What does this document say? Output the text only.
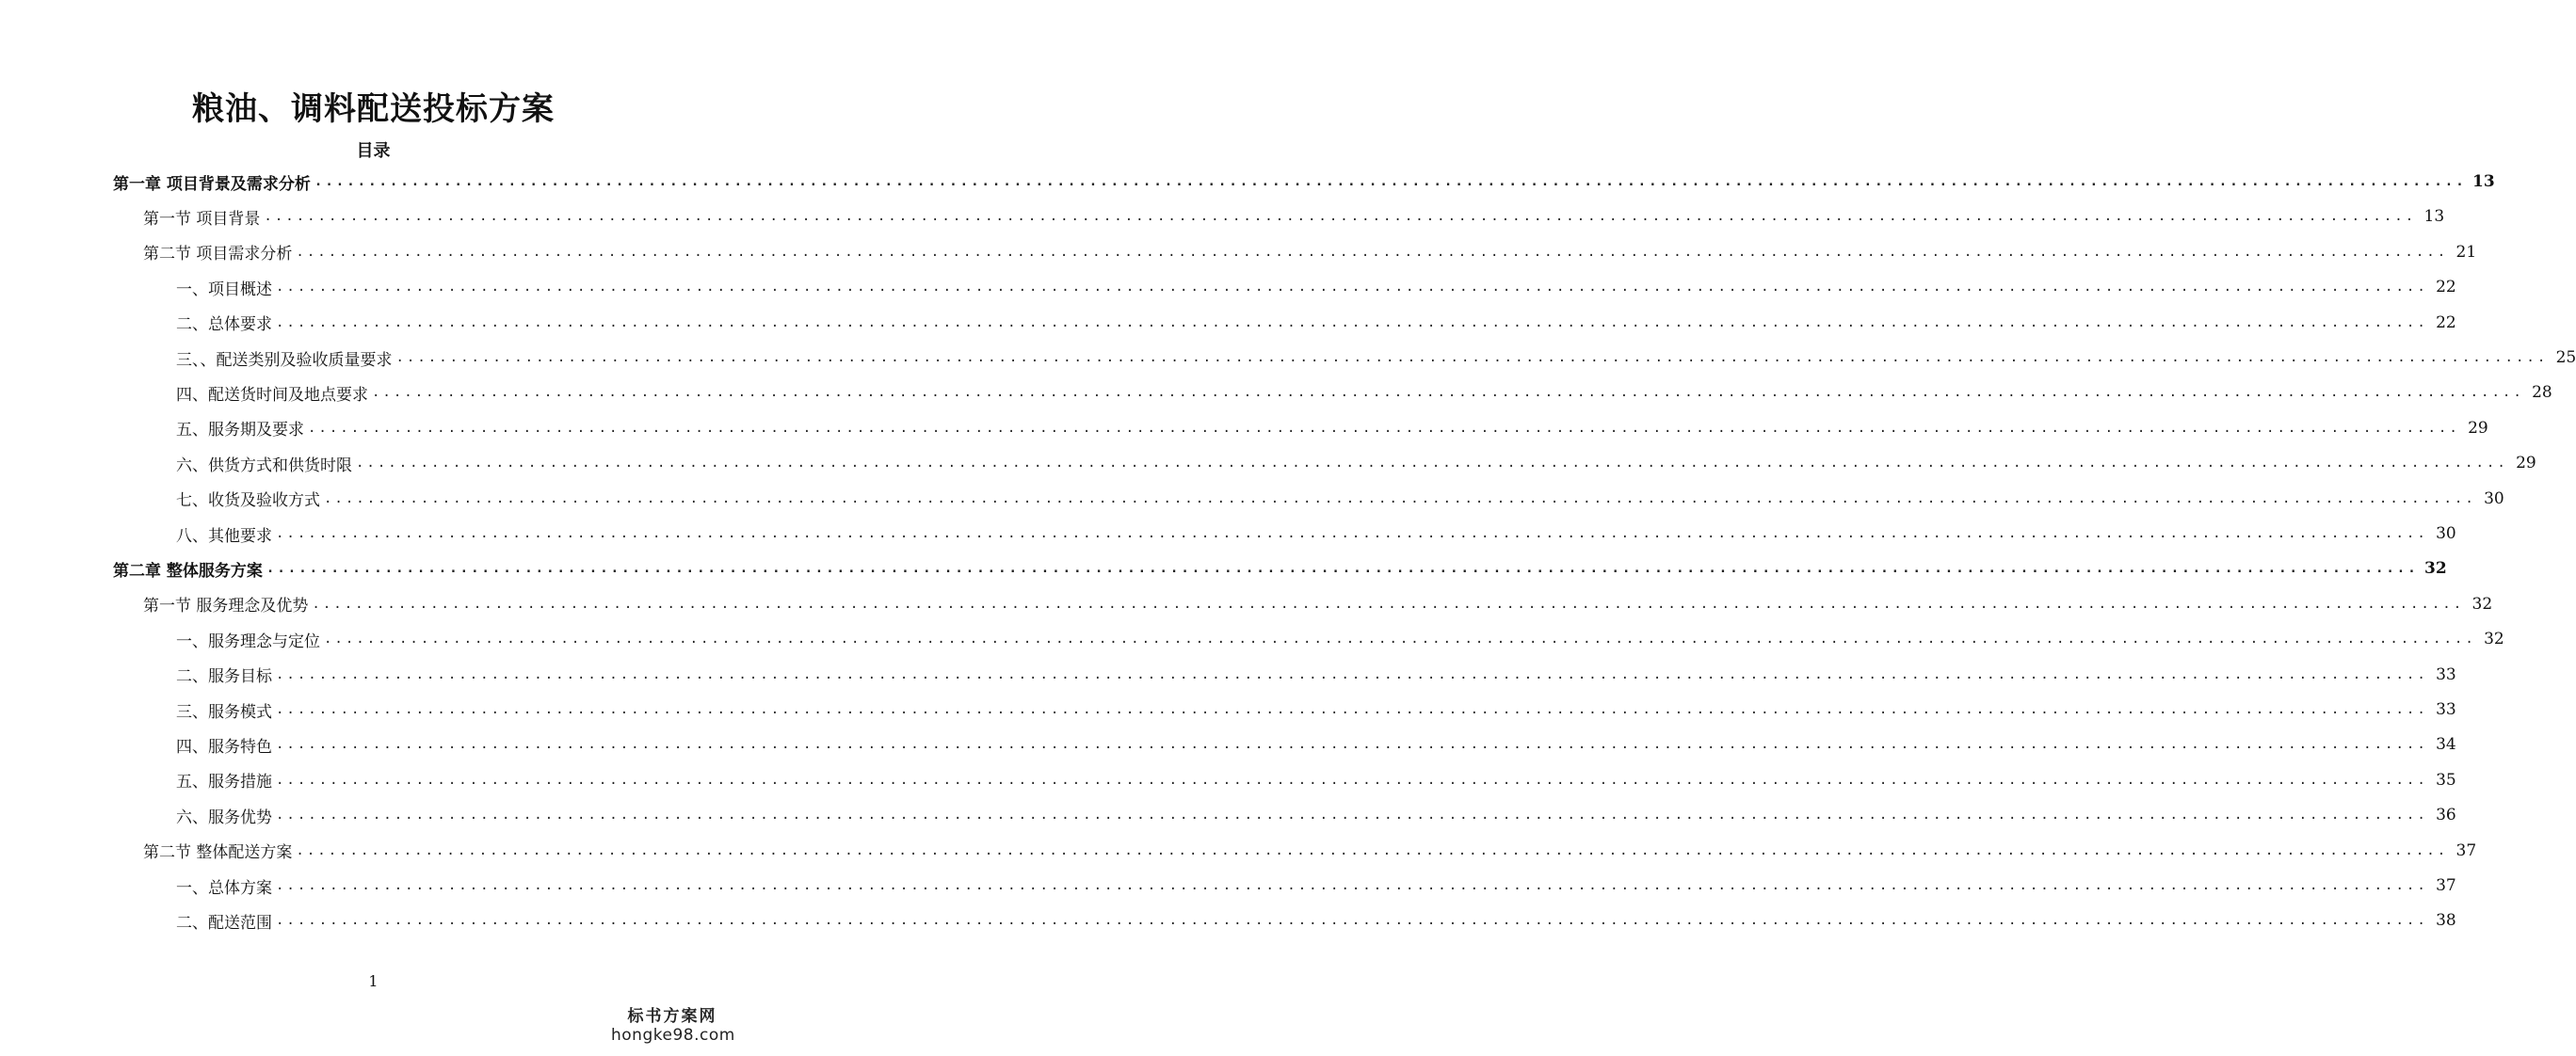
粮油、调料配送投标方案
目录
第一章 项目背景及需求分析 ........................................................................................................................................................................................................ 13
第一节 项目背景 ........................................................................................................................................................................................................ 13
第二节 项目需求分析 ........................................................................................................................................................................................................ 21
一、项目概述 ........................................................................................................................................................................................................ 22
二、总体要求 ........................................................................................................................................................................................................ 22
三、、配送类别及验收质量要求 ........................................................................................................................................................................................................ 25
四、配送货时间及地点要求 ........................................................................................................................................................................................................ 28
五、服务期及要求 ........................................................................................................................................................................................................ 29
六、供货方式和供货时限 ........................................................................................................................................................................................................ 29
七、收货及验收方式 ........................................................................................................................................................................................................ 30
八、其他要求 ........................................................................................................................................................................................................ 30
第二章 整体服务方案 ........................................................................................................................................................................................................ 32
第一节 服务理念及优势 ........................................................................................................................................................................................................ 32
一、服务理念与定位 ........................................................................................................................................................................................................ 32
二、服务目标 ........................................................................................................................................................................................................ 33
三、服务模式 ........................................................................................................................................................................................................ 33
四、服务特色 ........................................................................................................................................................................................................ 34
五、服务措施 ........................................................................................................................................................................................................ 35
六、服务优势 ........................................................................................................................................................................................................ 36
第二节 整体配送方案 ........................................................................................................................................................................................................ 37
一、总体方案 ........................................................................................................................................................................................................ 37
二、配送范围 ........................................................................................................................................................................................................ 38
1
标书方案网
hongke98.com
